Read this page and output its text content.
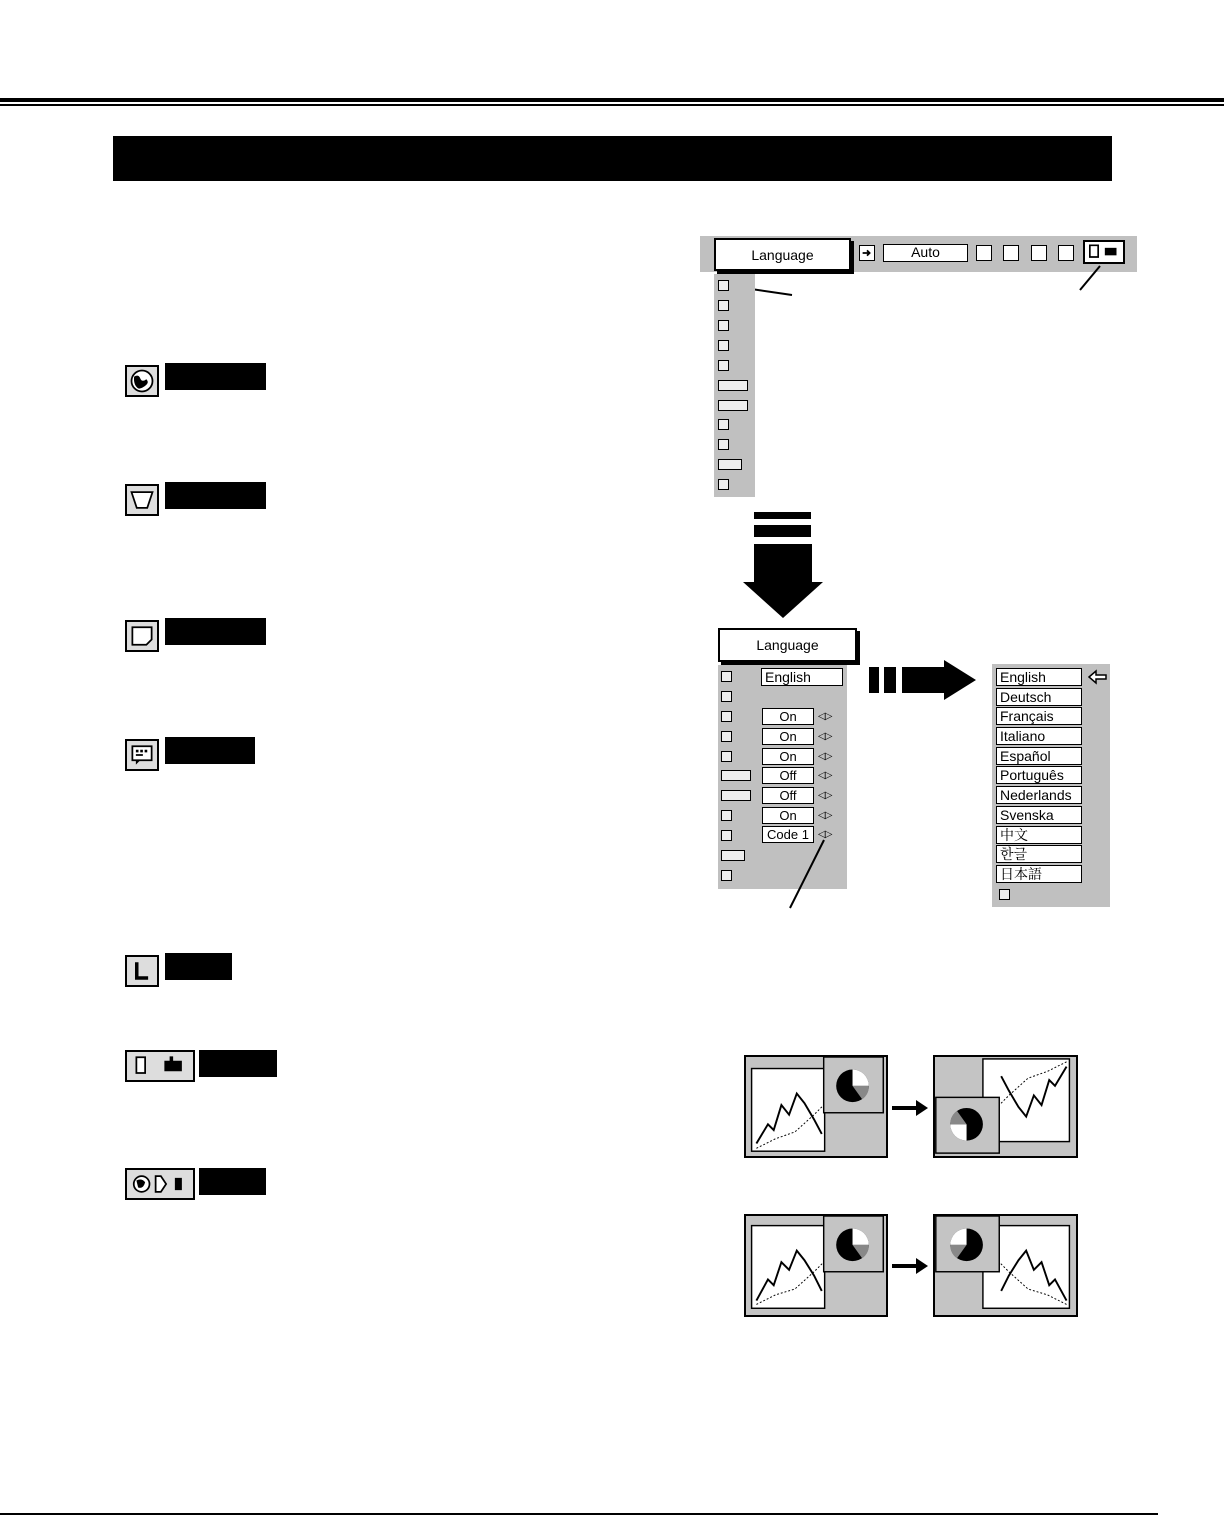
Language	Auto
Language
English
On	◁▷
On	◁▷
On	◁▷
Off	◁▷
Off	◁▷
On	◁▷
Code 1 ◁▷
English
Deutsch
Français
Italiano
Español
Português
Nederlands
Svenska
中文
한글
日本語
